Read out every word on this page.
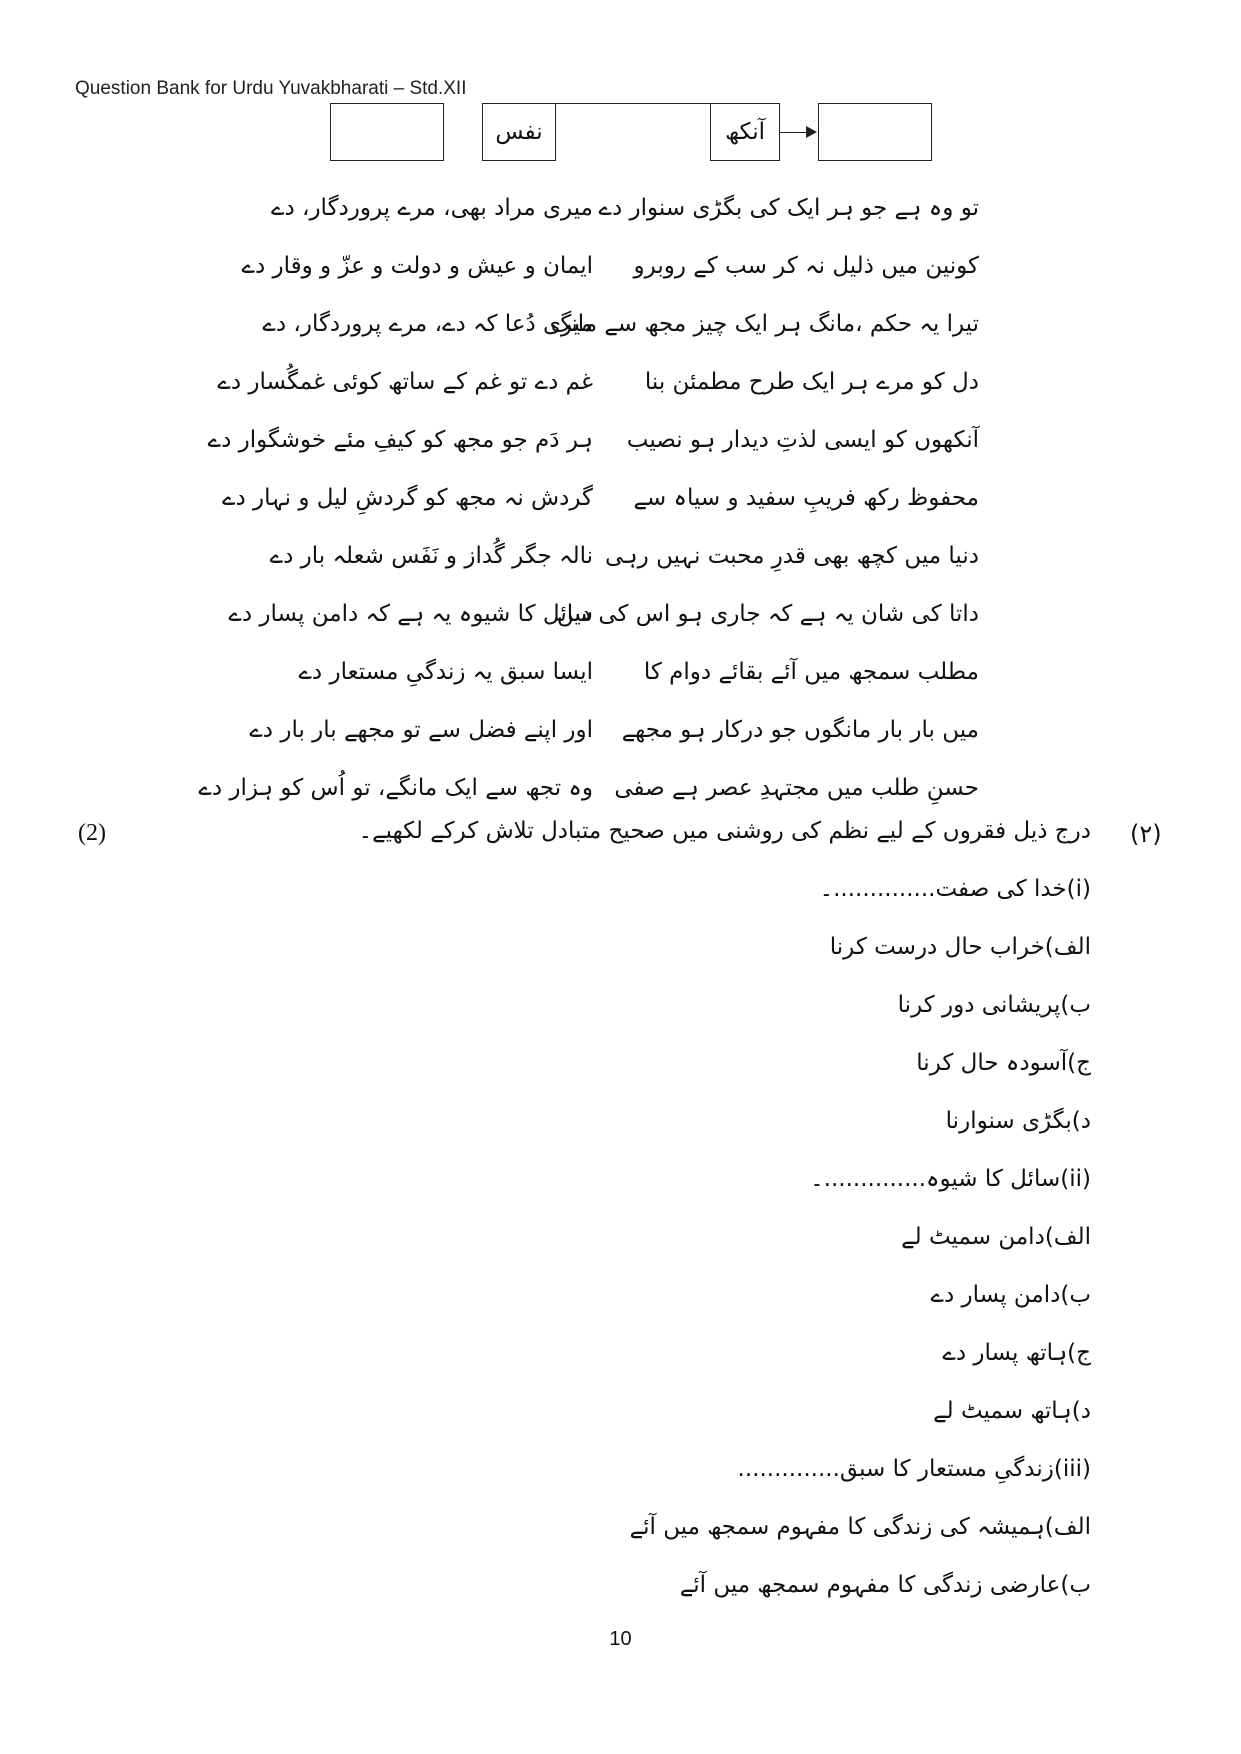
Question Bank for Urdu Yuvakbharati – Std.XII
نفس	آنکھ
تو وہ ہے جو ہر ایک کی بگڑی سنوار دے
کونین میں ذلیل نہ کر سب کے روبرو
تیرا یہ حکم ،مانگ ہر ایک چیز مجھ سے مانگ
دل کو مرے ہر ایک طرح مطمئن بنا
آنکھوں کو ایسی لذتِ دیدار ہو نصیب
محفوظ رکھ فریبِ سفید و سیاہ سے
دنیا میں کچھ بھی قدرِ محبت نہیں رہی
داتا کی شان یہ ہے کہ جاری ہو اس کی دین
مطلب سمجھ میں آئے بقائے دوام کا
میں بار بار مانگوں جو درکار ہو مجھے
حسنِ طلب میں مجتہدِ عصر ہے صفی
میری مراد بھی، مرے پروردگار، دے
ایمان و عیش و دولت و عزّ و وقار دے
میری دُعا کہ دے، مرے پروردگار، دے
غم دے تو غم کے ساتھ کوئی غمگُسار دے
ہر دَم جو مجھ کو کیفِ مئے خوشگوار دے
گردش نہ مجھ کو گردشِ لیل و نہار دے
نالہ جگر گُداز و نَفَس شعلہ بار دے
سائل کا شیوہ یہ ہے کہ دامن پسار دے
ایسا سبق یہ زندگیِ مستعار دے
اور اپنے فضل سے تو مجھے بار بار دے
وہ تجھ سے ایک مانگے، تو اُس کو ہزار دے
(۲)
(2)	درج ذیل فقروں کے لیے نظم کی روشنی میں صحیح متبادل تلاش کرکے لکھیے۔
(i)خدا کی صفت..............۔
الف)خراب حال درست کرنا
ب)پریشانی دور کرنا
ج)آسودہ حال کرنا
د)بگڑی سنوارنا
(ii)سائل کا شیوہ..............۔
الف)دامن سمیٹ لے
ب)دامن پسار دے
ج)ہاتھ پسار دے
د)ہاتھ سمیٹ لے
(iii)زندگیِ مستعار کا سبق..............
الف)ہمیشہ کی زندگی کا مفہوم سمجھ میں آئے
ب)عارضی زندگی کا مفہوم سمجھ میں آئے
10
